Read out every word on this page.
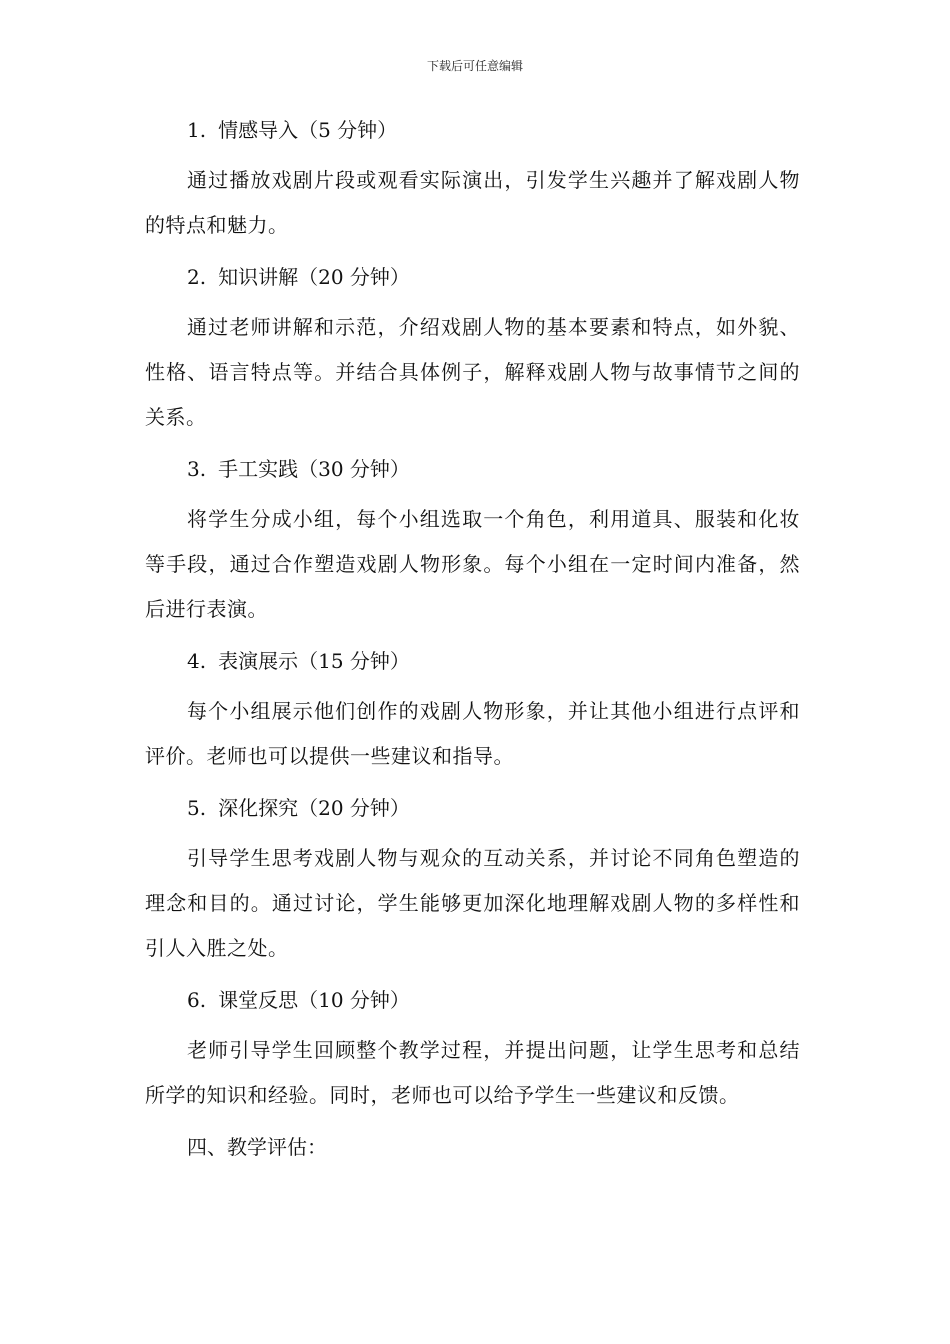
下载后可任意编辑
1. 情感导入（5 分钟）

通过播放戏剧片段或观看实际演出，引发学生兴趣并了解戏剧人物的特点和魅力。

2. 知识讲解（20 分钟）

通过老师讲解和示范，介绍戏剧人物的基本要素和特点，如外貌、性格、语言特点等。并结合具体例子，解释戏剧人物与故事情节之间的关系。

3. 手工实践（30 分钟）

将学生分成小组，每个小组选取一个角色，利用道具、服装和化妆等手段，通过合作塑造戏剧人物形象。每个小组在一定时间内准备，然后进行表演。

4. 表演展示（15 分钟）

每个小组展示他们创作的戏剧人物形象，并让其他小组进行点评和评价。老师也可以提供一些建议和指导。

5. 深化探究（20 分钟）

引导学生思考戏剧人物与观众的互动关系，并讨论不同角色塑造的理念和目的。通过讨论，学生能够更加深化地理解戏剧人物的多样性和引人入胜之处。

6. 课堂反思（10 分钟）

老师引导学生回顾整个教学过程，并提出问题，让学生思考和总结所学的知识和经验。同时，老师也可以给予学生一些建议和反馈。

四、教学评估：
